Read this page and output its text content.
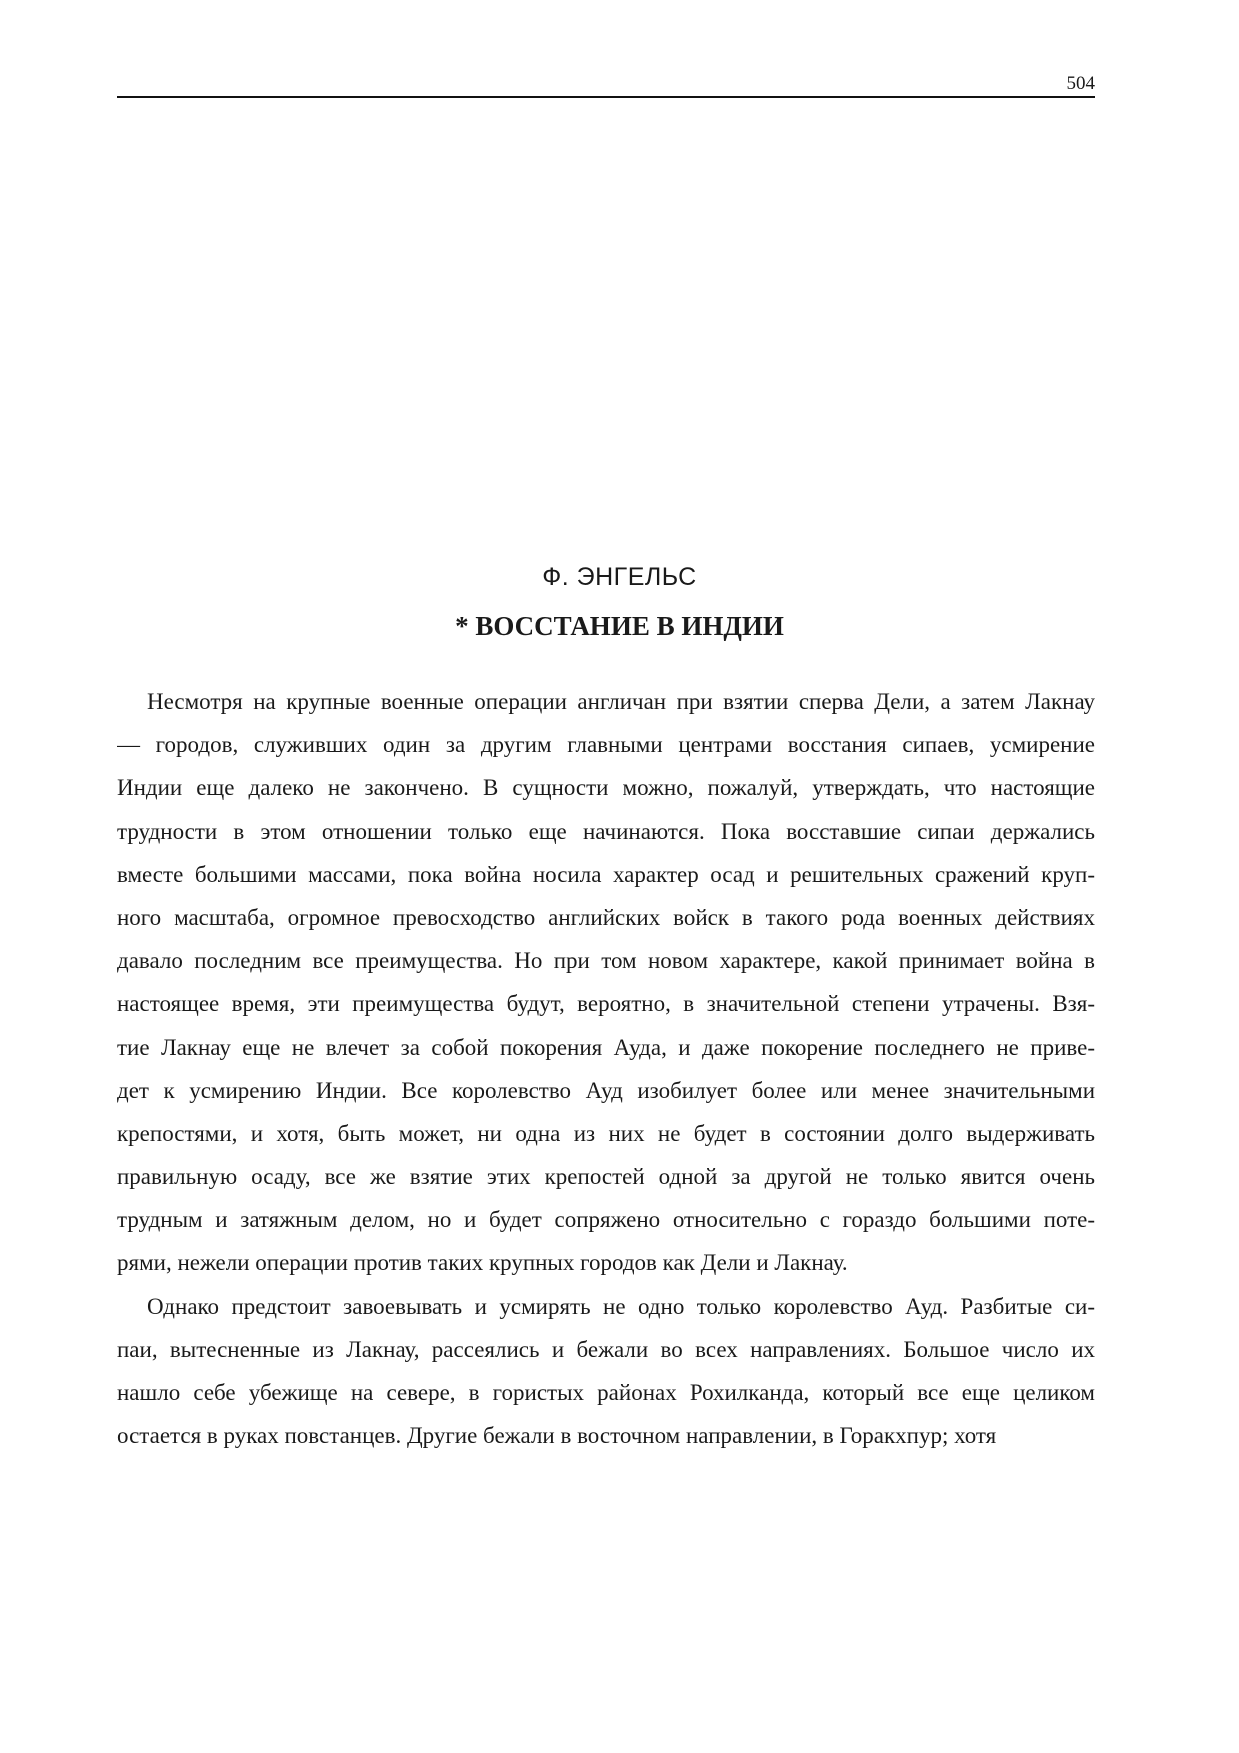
504
Ф. ЭНГЕЛЬС
* ВОССТАНИЕ В ИНДИИ
Несмотря на крупные военные операции англичан при взятии сперва Дели, а затем Лакнау
— городов, служивших один за другим главными центрами восстания сипаев, усмирение
Индии еще далеко не закончено. В сущности можно, пожалуй, утверждать, что настоящие
трудности в этом отношении только еще начинаются. Пока восставшие сипаи держались
вместе большими массами, пока война носила характер осад и решительных сражений круп-
ного масштаба, огромное превосходство английских войск в такого рода военных действиях
давало последним все преимущества. Но при том новом характере, какой принимает война в
настоящее время, эти преимущества будут, вероятно, в значительной степени утрачены. Взя-
тие Лакнау еще не влечет за собой покорения Ауда, и даже покорение последнего не приве-
дет к усмирению Индии. Все королевство Ауд изобилует более или менее значительными
крепостями, и хотя, быть может, ни одна из них не будет в состоянии долго выдерживать
правильную осаду, все же взятие этих крепостей одной за другой не только явится очень
трудным и затяжным делом, но и будет сопряжено относительно с гораздо большими поте-
рями, нежели операции против таких крупных городов как Дели и Лакнау.
Однако предстоит завоевывать и усмирять не одно только королевство Ауд. Разбитые си-
паи, вытесненные из Лакнау, рассеялись и бежали во всех направлениях. Большое число их
нашло себе убежище на севере, в гористых районах Рохилканда, который все еще целиком
остается в руках повстанцев. Другие бежали в восточном направлении, в Горакхпур; хотя
